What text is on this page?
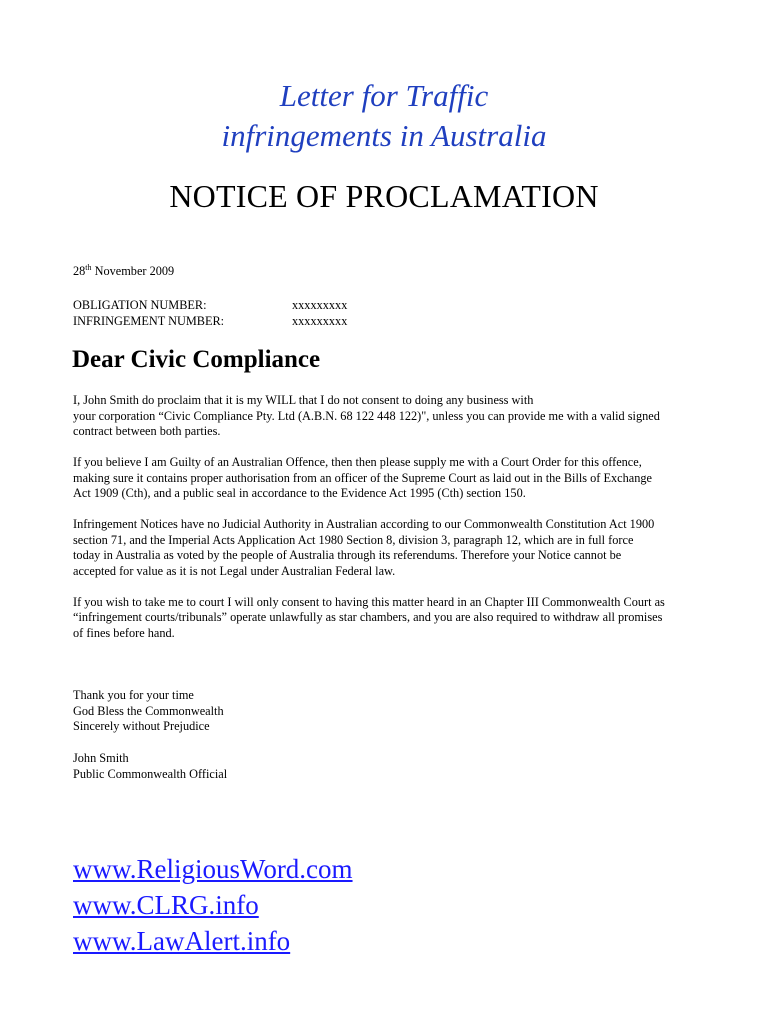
Letter for Traffic
infringements in Australia
NOTICE OF PROCLAMATION
28th November 2009
OBLIGATION NUMBER:	xxxxxxxxx
INFRINGEMENT NUMBER:	xxxxxxxxx
Dear Civic Compliance

I, John Smith do proclaim that it is my WILL that I do not consent to doing any business with
your corporation “Civic Compliance Pty. Ltd (A.B.N. 68 122 448 122)", unless you can provide me with a valid signed
contract between both parties.

If you believe I am Guilty of an Australian Offence, then then please supply me with a Court Order for this offence,
making sure it contains proper authorisation from an officer of the Supreme Court as laid out in the Bills of Exchange
Act 1909 (Cth), and a public seal in accordance to the Evidence Act 1995 (Cth) section 150.

Infringement Notices have no Judicial Authority in Australian according to our Commonwealth Constitution Act 1900
section 71, and the Imperial Acts Application Act 1980 Section 8, division 3, paragraph 12, which are in full force
today in Australia as voted by the people of Australia through its referendums. Therefore your Notice cannot be
accepted for value as it is not Legal under Australian Federal law.

If you wish to take me to court I will only consent to having this matter heard in an Chapter III Commonwealth Court as
“infringement courts/tribunals” operate unlawfully as star chambers, and you are also required to withdraw all promises
of fines before hand.

Thank you for your time
God Bless the Commonwealth
Sincerely without Prejudice
John Smith
Public Commonwealth Official
www.ReligiousWord.com
www.CLRG.info
www.LawAlert.info
